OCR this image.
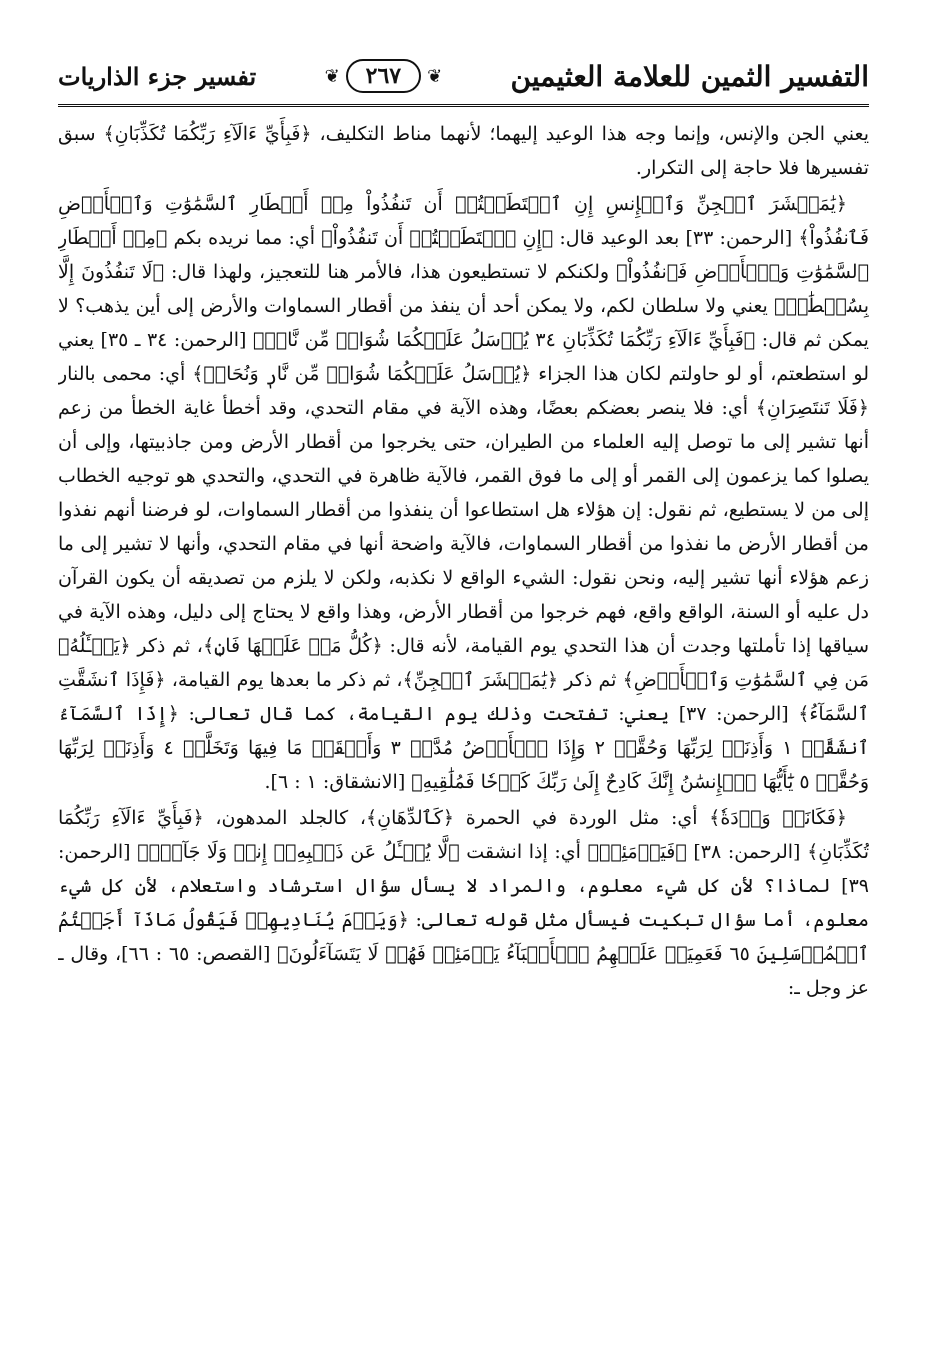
التفسير الثمين للعلامة العثيمين
❦
٢٦٧
❦
تفسير جزء الذاريات

يعني الجن والإنس، وإنما وجه هذا الوعيد إليهما؛ لأنهما مناط التكليف، ﴿فَبِأَيِّ ءَالَآءِ رَبِّكُمَا تُكَذِّبَانِ﴾ سبق تفسيرها فلا حاجة إلى التكرار.

﴿يَٰمَعۡشَرَ ٱلۡجِنِّ وَٱلۡإِنسِ إِنِ ٱسۡتَطَعۡتُمۡ أَن تَنفُذُواْ مِنۡ أَقۡطَارِ ٱلسَّمَٰوَٰتِ وَٱلۡأَرۡضِ فَٱنفُذُواْ﴾ [الرحمن: ٣٣] بعد الوعيد قال: ﴿إِنِ ٱسۡتَطَعۡتُمۡ أَن تَنفُذُواْ﴾ أي: مما نريده بكم ﴿مِنۡ أَقۡطَارِ ٱلسَّمَٰوَٰتِ وَٱلۡأَرۡضِ فَٱنفُذُواْ﴾ ولكنكم لا تستطيعون هذا، فالأمر هنا للتعجيز، ولهذا قال: ﴿لَا تَنفُذُونَ إِلَّا بِسُلۡطَٰنٖ﴾ يعني ولا سلطان لكم، ولا يمكن أحد أن ينفذ من أقطار السماوات والأرض إلى أين يذهب؟ لا يمكن ثم قال: ﴿فَبِأَيِّ ءَالَآءِ رَبِّكُمَا تُكَذِّبَانِ ٣٤ يُرۡسَلُ عَلَيۡكُمَا شُوَاظٞ مِّن نَّارٖ﴾ [الرحمن: ٣٤ ـ ٣٥] يعني لو استطعتم، أو لو حاولتم لكان هذا الجزاء ﴿يُرۡسَلُ عَلَيۡكُمَا شُوَاظٞ مِّن نَّارٖ وَنُحَاسٞ﴾ أي: محمى بالنار ﴿فَلَا تَنتَصِرَانِ﴾ أي: فلا ينصر بعضكم بعضًا، وهذه الآية في مقام التحدي، وقد أخطأ غاية الخطأ من زعم أنها تشير إلى ما توصل إليه العلماء من الطيران، حتى يخرجوا من أقطار الأرض ومن جاذبيتها، وإلى أن يصلوا كما يزعمون إلى القمر أو إلى ما فوق القمر، فالآية ظاهرة في التحدي، والتحدي هو توجيه الخطاب إلى من لا يستطيع، ثم نقول: إن هؤلاء هل استطاعوا أن ينفذوا من أقطار السماوات، لو فرضنا أنهم نفذوا من أقطار الأرض ما نفذوا من أقطار السماوات، فالآية واضحة أنها في مقام التحدي، وأنها لا تشير إلى ما زعم هؤلاء أنها تشير إليه، ونحن نقول: الشيء الواقع لا نكذبه، ولكن لا يلزم من تصديقه أن يكون القرآن دل عليه أو السنة، الواقع واقع، فهم خرجوا من أقطار الأرض، وهذا واقع لا يحتاج إلى دليل، وهذه الآية في سياقها إذا تأملتها وجدت أن هذا التحدي يوم القيامة، لأنه قال: ﴿كُلُّ مَنۡ عَلَيۡهَا فَانٖ﴾، ثم ذكر ﴿يَسۡـَٔلُهُۥ مَن فِي ٱلسَّمَٰوَٰتِ وَٱلۡأَرۡضِ﴾ ثم ذكر ﴿يَٰمَعۡشَرَ ٱلۡجِنِّ﴾، ثم ذكر ما بعدها يوم القيامة، ﴿فَإِذَا ٱنشَقَّتِ ٱلسَّمَآءُ﴾ [الرحمن: ٣٧] يعني: تفتحت وذلك يوم القيامة، كما قال تعالى: ﴿إِذَا ٱلسَّمَآءُ ٱنشَقَّتۡ ١ وَأَذِنَتۡ لِرَبِّهَا وَحُقَّتۡ ٢ وَإِذَا ٱلۡأَرۡضُ مُدَّتۡ ٣ وَأَلۡقَتۡ مَا فِيهَا وَتَخَلَّتۡ ٤ وَأَذِنَتۡ لِرَبِّهَا وَحُقَّتۡ ٥ يَٰٓأَيُّهَا ٱلۡإِنسَٰنُ إِنَّكَ كَادِحٌ إِلَىٰ رَبِّكَ كَدۡحٗا فَمُلَٰقِيهِ﴾ [الانشقاق: ١ : ٦].

﴿فَكَانَتۡ وَرۡدَةٗ﴾ أي: مثل الوردة في الحمرة ﴿كَٱلدِّهَانِ﴾، كالجلد المدهون، ﴿فَبِأَيِّ ءَالَآءِ رَبِّكُمَا تُكَذِّبَانِ﴾ [الرحمن: ٣٨] ﴿فَيَوۡمَئِذٖ﴾ أي: إذا انشقت ﴿لَّا يُسۡـَٔلُ عَن ذَنۢبِهِۦٓ إِنسٞ وَلَا جَآنّٞ﴾ [الرحمن: ٣٩] لماذا؟ لأن كل شيء معلوم، والمراد لا يسأل سؤال استرشاد واستعلام، لأن كل شيء معلوم، أما سؤال تبكيت فيسأل مثل قوله تعالى: ﴿وَيَوۡمَ يُنَادِيهِمۡ فَيَقُولُ مَاذَآ أَجَبۡتُمُ ٱلۡمُرۡسَلِينَ ٦٥ فَعَمِيَتۡ عَلَيۡهِمُ ٱلۡأَنۢبَآءُ يَوۡمَئِذٖ فَهُمۡ لَا يَتَسَآءَلُونَ﴾ [القصص: ٦٥ : ٦٦]، وقال ـ عز وجل ـ:
